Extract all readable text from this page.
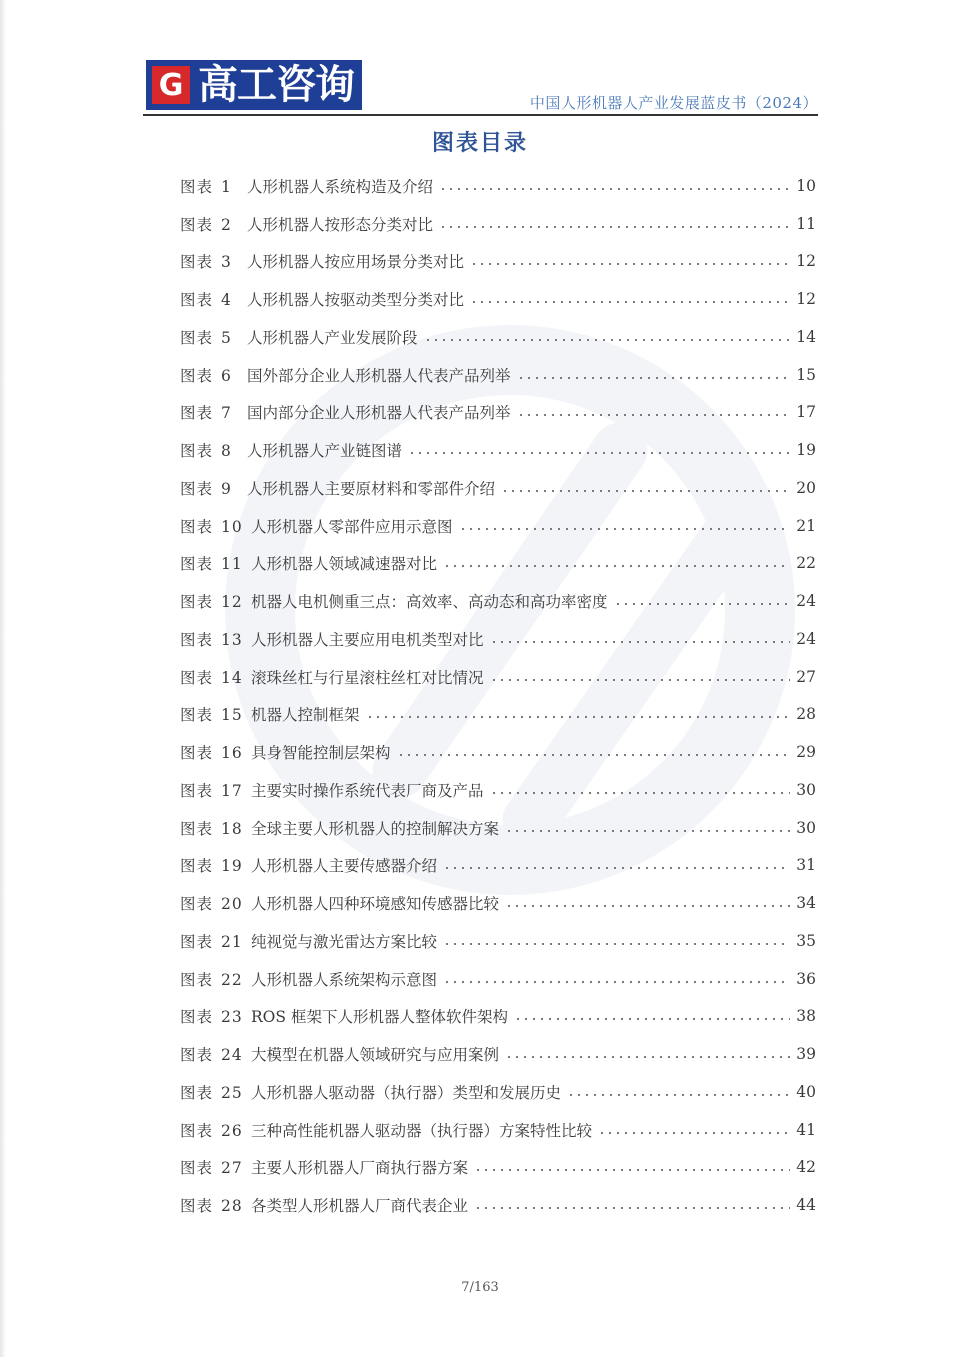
G 高工咨询	中国人形机器人产业发展蓝皮书（2024）
图表目录
图表 1 人形机器人系统构造及介绍	10
图表 2 人形机器人按形态分类对比	11
图表 3 人形机器人按应用场景分类对比	12
图表 4 人形机器人按驱动类型分类对比	12
图表 5 人形机器人产业发展阶段	14
图表 6 国外部分企业人形机器人代表产品列举	15
图表 7 国内部分企业人形机器人代表产品列举	17
图表 8 人形机器人产业链图谱	19
图表 9 人形机器人主要原材料和零部件介绍	20
图表 10 人形机器人零部件应用示意图	21
图表 11 人形机器人领域减速器对比	22
图表 12 机器人电机侧重三点：高效率、高动态和高功率密度	24
图表 13 人形机器人主要应用电机类型对比	24
图表 14 滚珠丝杠与行星滚柱丝杠对比情况	27
图表 15 机器人控制框架	28
图表 16 具身智能控制层架构	29
图表 17 主要实时操作系统代表厂商及产品	30
图表 18 全球主要人形机器人的控制解决方案	30
图表 19 人形机器人主要传感器介绍	31
图表 20 人形机器人四种环境感知传感器比较	34
图表 21 纯视觉与激光雷达方案比较	35
图表 22 人形机器人系统架构示意图	36
图表 23 ROS 框架下人形机器人整体软件架构	38
图表 24 大模型在机器人领域研究与应用案例	39
图表 25 人形机器人驱动器（执行器）类型和发展历史	40
图表 26 三种高性能机器人驱动器（执行器）方案特性比较	41
图表 27 主要人形机器人厂商执行器方案	42
图表 28 各类型人形机器人厂商代表企业	44
7/163
